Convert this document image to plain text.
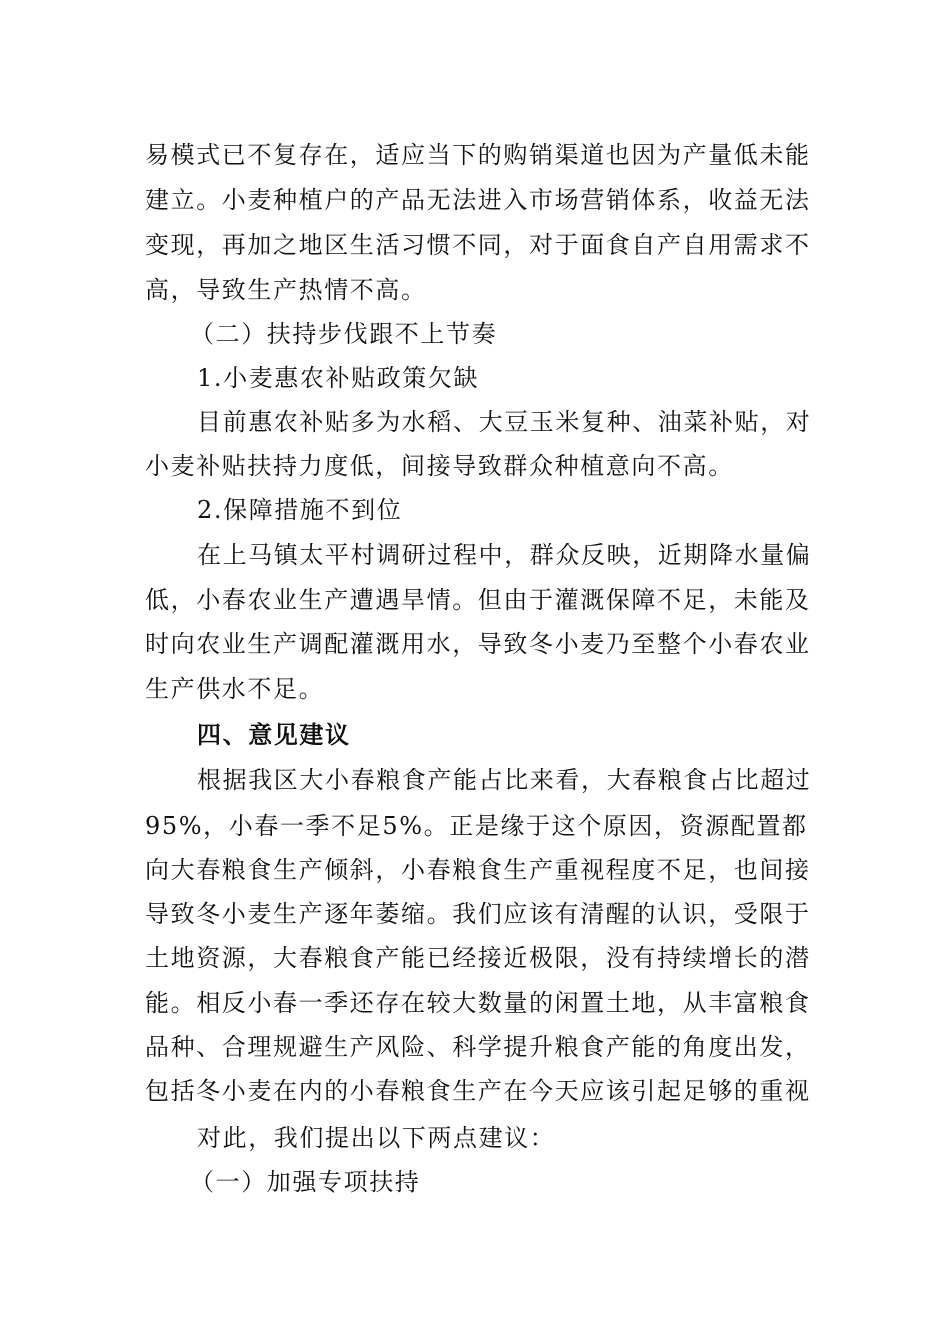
易模式已不复存在，适应当下的购销渠道也因为产量低未能
建立。小麦种植户的产品无法进入市场营销体系，收益无法
变现，再加之地区生活习惯不同，对于面食自产自用需求不
高，导致生产热情不高。
（二）扶持步伐跟不上节奏
1.小麦惠农补贴政策欠缺
目前惠农补贴多为水稻、大豆玉米复种、油菜补贴，对
小麦补贴扶持力度低，间接导致群众种植意向不高。
2.保障措施不到位
在上马镇太平村调研过程中，群众反映，近期降水量偏
低，小春农业生产遭遇旱情。但由于灌溉保障不足，未能及
时向农业生产调配灌溉用水，导致冬小麦乃至整个小春农业
生产供水不足。
四、意见建议
根据我区大小春粮食产能占比来看，大春粮食占比超过
95%，小春一季不足5%。正是缘于这个原因，资源配置都
向大春粮食生产倾斜，小春粮食生产重视程度不足，也间接
导致冬小麦生产逐年萎缩。我们应该有清醒的认识，受限于
土地资源，大春粮食产能已经接近极限，没有持续增长的潜
能。相反小春一季还存在较大数量的闲置土地，从丰富粮食
品种、合理规避生产风险、科学提升粮食产能的角度出发，
包括冬小麦在内的小春粮食生产在今天应该引起足够的重视
对此，我们提出以下两点建议：
（一）加强专项扶持
